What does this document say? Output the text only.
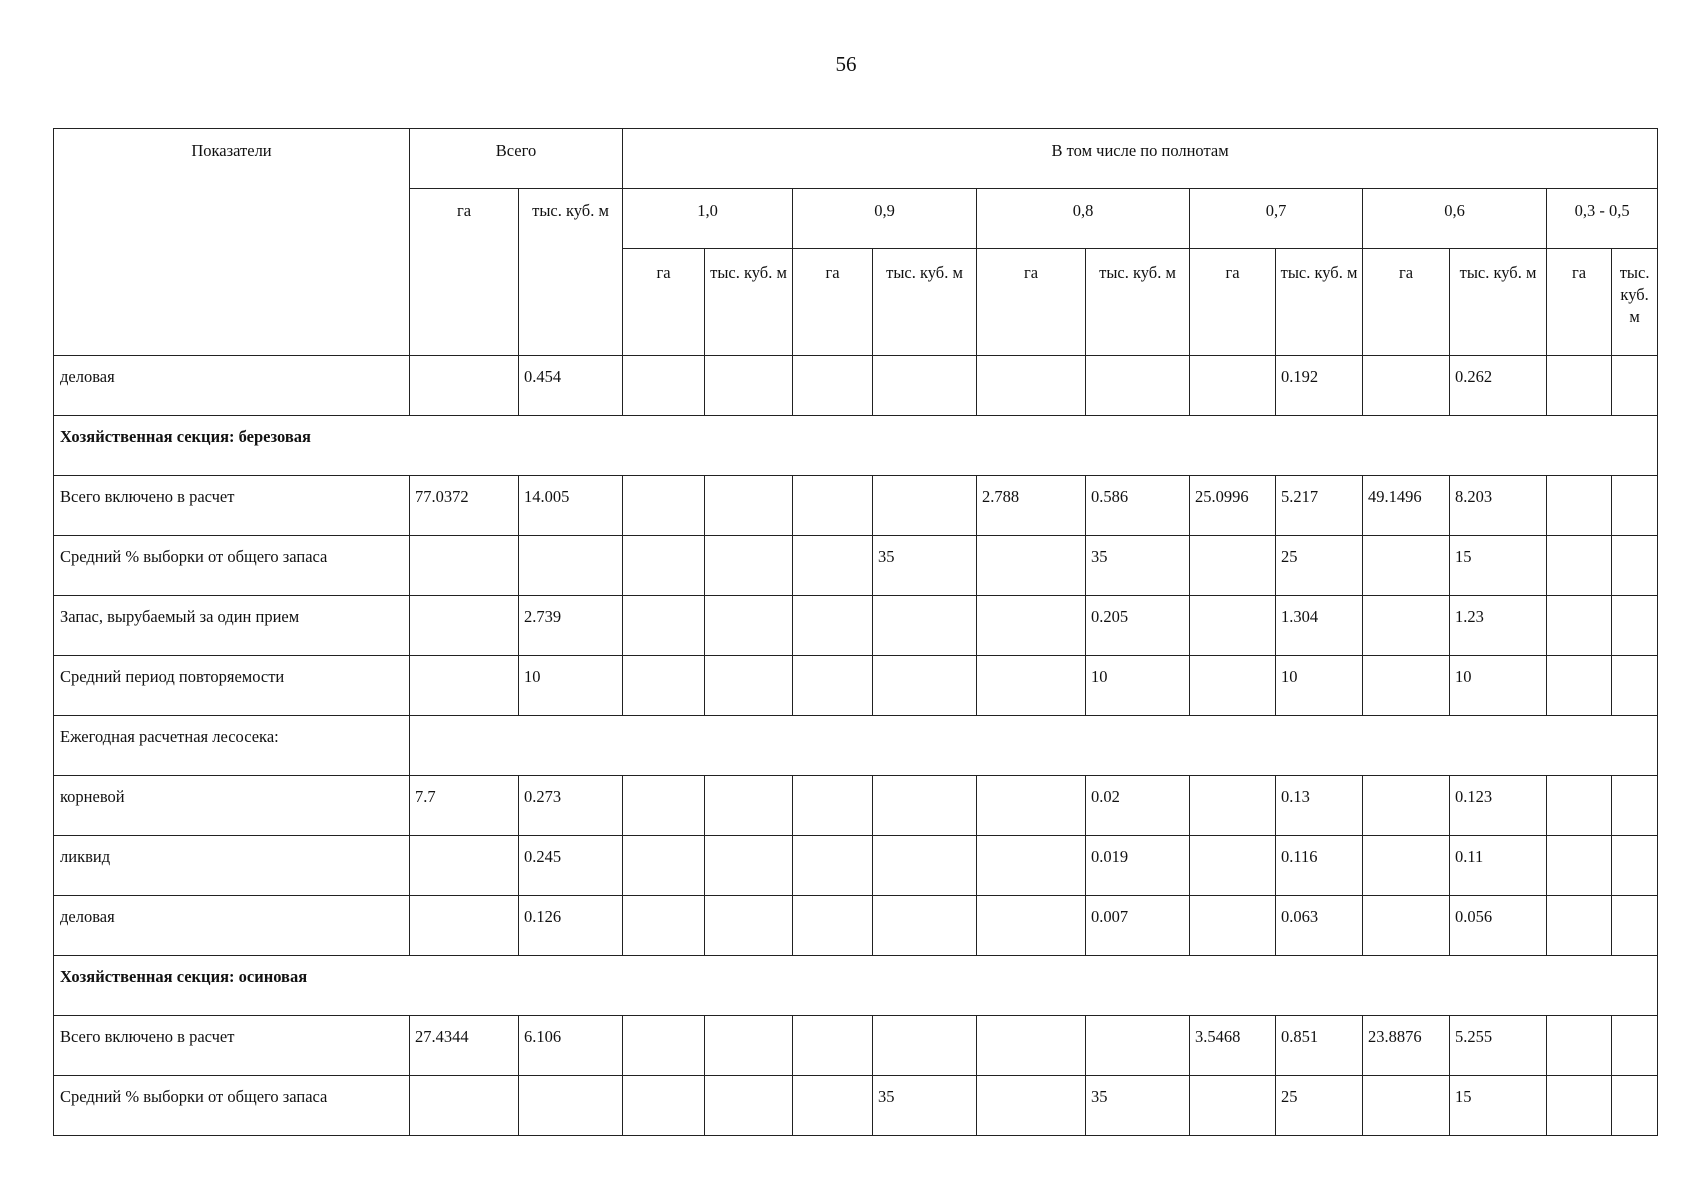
56
Показатели	Всего		В том числе по полнотам											
	га	тыс. куб. м	1,0		0,9		0,8		0,7		0,6		0,3 - 0,5	
			га	тыс. куб. м	га	тыс. куб. м	га	тыс. куб. м	га	тыс. куб. м	га	тыс. куб. м	га	тыс. куб. м
деловая		0.454								0.192		0.262		
Хозяйственная секция: березовая														
Всего включено в расчет	77.0372	14.005					2.788	0.586	25.0996	5.217	49.1496	8.203		
Средний % выборки от общего запаса						35		35		25		15		
Запас, вырубаемый за один прием		2.739						0.205		1.304		1.23		
Средний период повторяемости		10						10		10		10		
Ежегодная расчетная лесосека:														
корневой	7.7	0.273						0.02		0.13		0.123		
ликвид		0.245						0.019		0.116		0.11		
деловая		0.126						0.007		0.063		0.056		
Хозяйственная секция: осиновая														
Всего включено в расчет	27.4344	6.106							3.5468	0.851	23.8876	5.255		
Средний % выборки от общего запаса						35		35		25		15		
